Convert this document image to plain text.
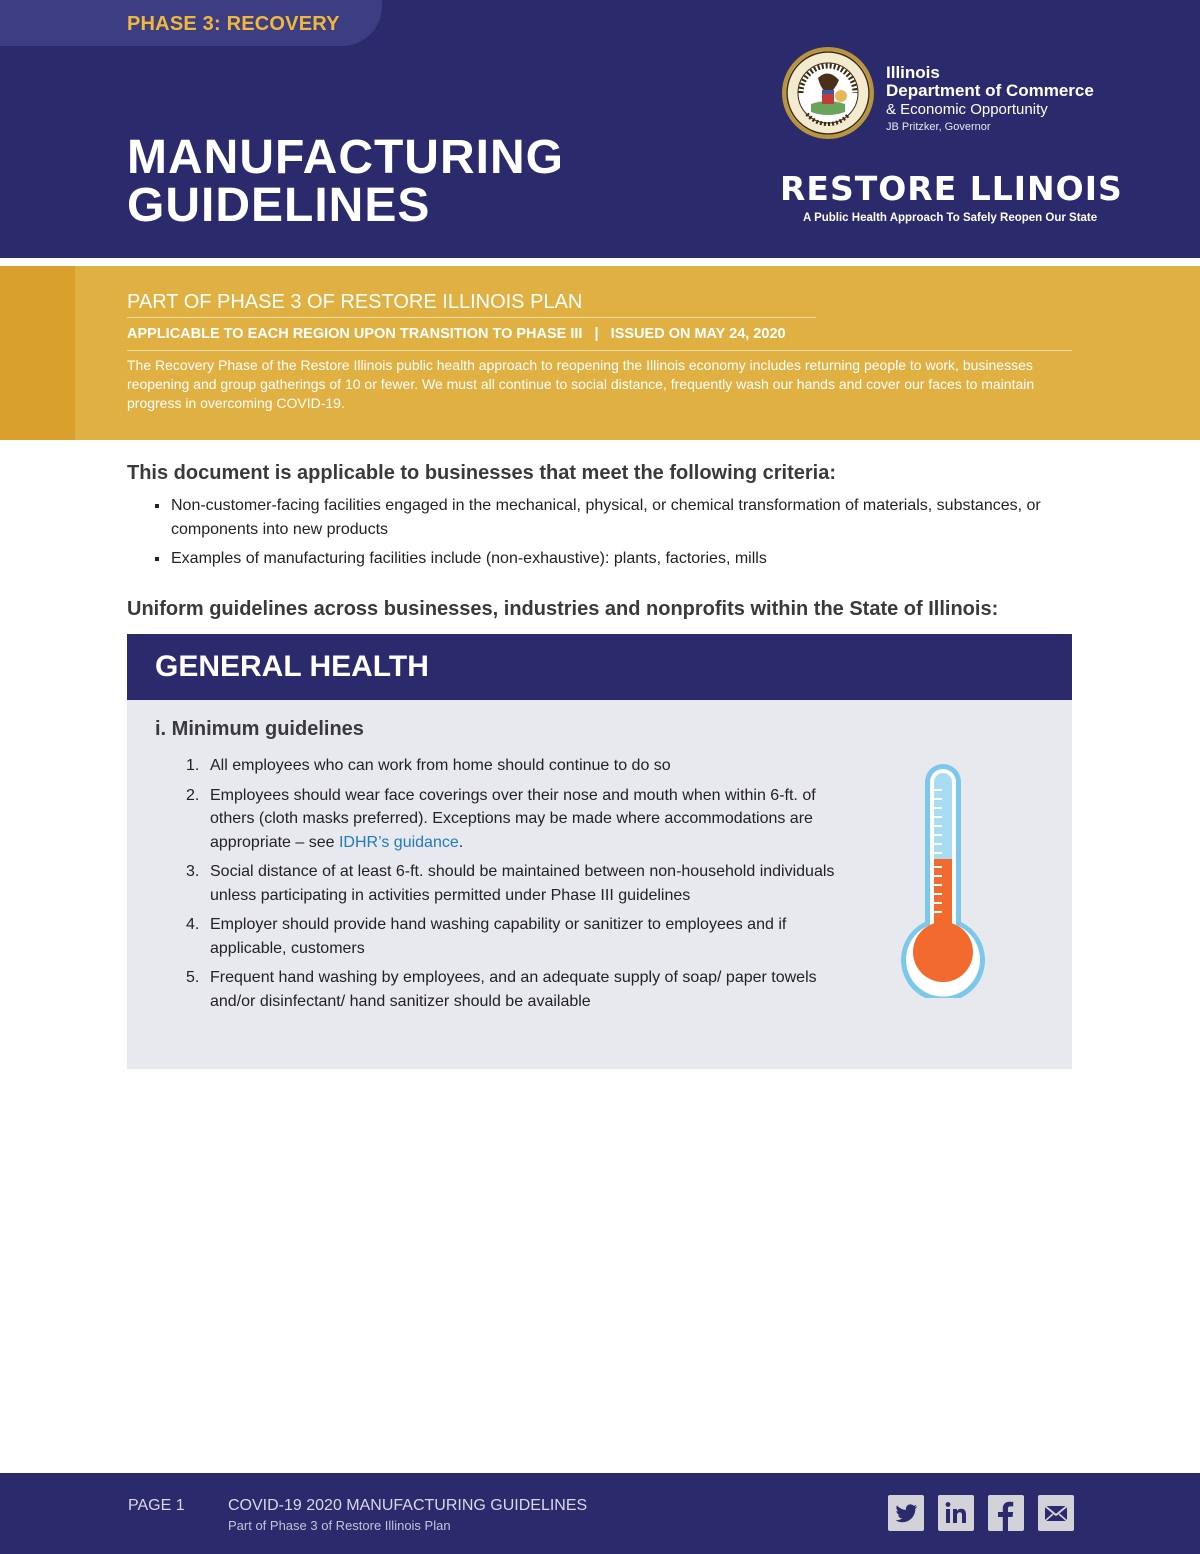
PHASE 3: RECOVERY
MANUFACTURING
GUIDELINES
Illinois
Department of Commerce
& Economic Opportunity
JB Pritzker, Governor
RESTORE LLINOIS
A Public Health Approach To Safely Reopen Our State
PART OF PHASE 3 OF RESTORE ILLINOIS PLAN
APPLICABLE TO EACH REGION UPON TRANSITION TO PHASE III   |   ISSUED ON MAY 24, 2020

The Recovery Phase of the Restore Illinois public health approach to reopening the Illinois economy includes returning people to work, businesses reopening and group gatherings of 10 or fewer. We must all continue to social distance, frequently wash our hands and cover our faces to maintain progress in overcoming COVID-19.

This document is applicable to businesses that meet the following criteria:
Non-customer-facing facilities engaged in the mechanical, physical, or chemical transformation of materials, substances, or components into new products
Examples of manufacturing facilities include (non-exhaustive): plants, factories, mills
Uniform guidelines across businesses, industries and nonprofits within the State of Illinois:
GENERAL HEALTH
i. Minimum guidelines
1. All employees who can work from home should continue to do so
2. Employees should wear face coverings over their nose and mouth when within 6-ft. of others (cloth masks preferred). Exceptions may be made where accommodations are appropriate – see IDHR’s guidance.
3. Social distance of at least 6-ft. should be maintained between non-household individuals unless participating in activities permitted under Phase III guidelines
4. Employer should provide hand washing capability or sanitizer to employees and if applicable, customers
5. Frequent hand washing by employees, and an adequate supply of soap/ paper towels and/or disinfectant/ hand sanitizer should be available
PAGE 1	COVID-19 2020 MANUFACTURING GUIDELINES
Part of Phase 3 of Restore Illinois Plan
